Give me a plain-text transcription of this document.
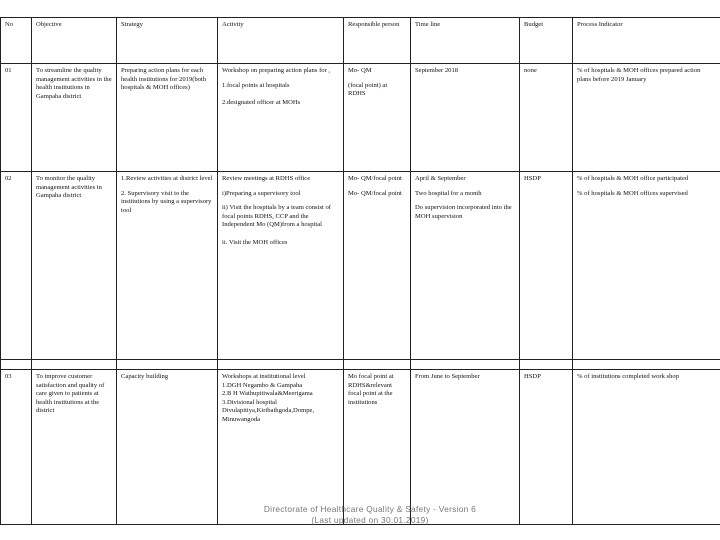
No	Objective	Strategy	Activity	Responsible person	Time line	Budget	Process Indicator
01	To streamline the quality management activities in the health institutions in Gampaha district	Preparing action plans for each health institutions for 2019(both hospitals & MOH offices)	Workshop on preparing action plans for ,
1.focal points at hospitals
2.designated officer at MOHs	Mo- QM
(focal point) at RDHS	September 2018	none	% of hospitals & MOH offices prepared action plans before 2019 January
02	To monitor the quality management activities in Gampaha district	1.Review activities at district level
2. Supervisory visit to the institutions by using a supervisory tool	Review meetings at RDHS office
i)Preparing a supervisory tool
ii) Visit the hospitals by a team consist of focal points RDHS, CCP and the Independent Mo (QM)from a hospital
ii. Visit the MOH offices	Mo- QM/focal point
Mo- QM/focal point	April & September
Two hospital for a month
Do supervision incorporated into the MOH supervision	HSDP	% of hospitals & MOH office participated
% of hospitals & MOH offices supervised

03	To improve customer satisfaction and quality of care given to patients at health institutions at the district	Capacity building	Workshops at institutional level
1.DGH Negambo & Gampaha
2.B H Wathupitiwala&Meerigama
3.Divisional hospital Divulapitiya,Kiribathgoda,Dompe, Minuwangoda	Mo focal point at RDHS&relevant focal point at the institutions	From June to September	HSDP	% of institutions completed work shop
Directorate of Healthcare Quality & Safety - Version 6
(Last updated on 30.01.2019)
